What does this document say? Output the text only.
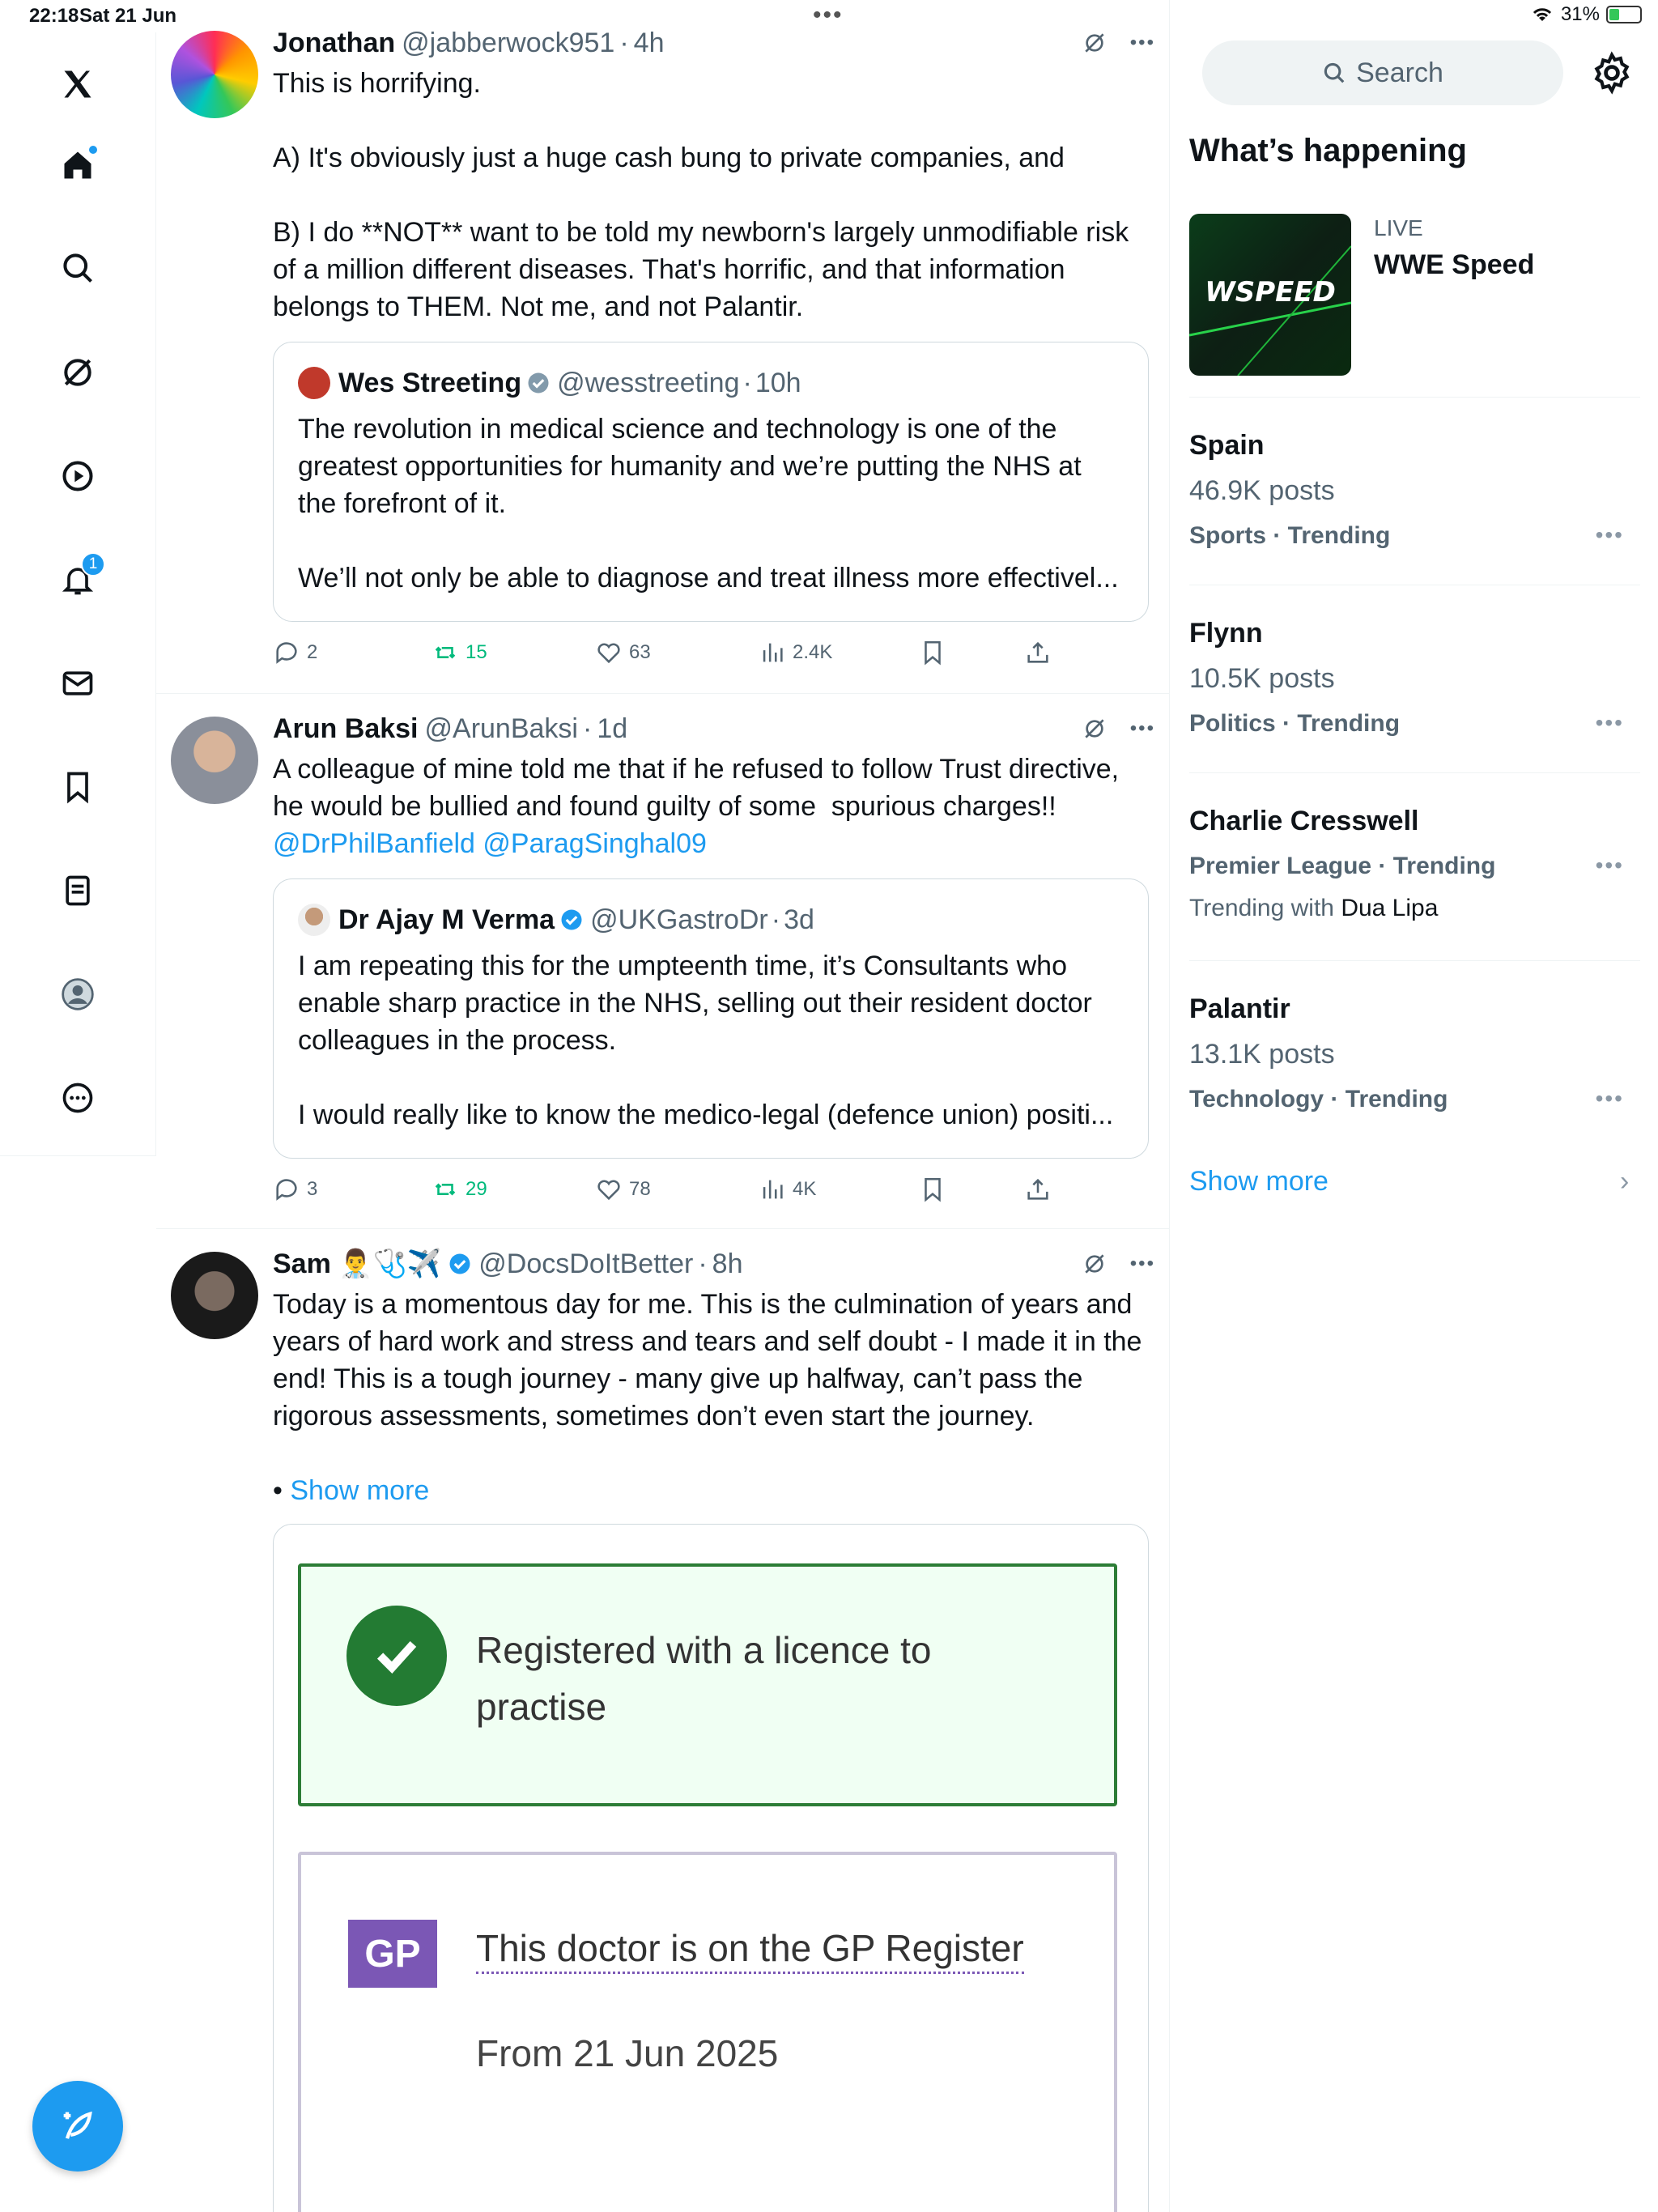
22:18 Sat 21 Jun	•••	31%
1
Jonathan @jabberwock951 · 4h	•••
This is horrifying.

A) It's obviously just a huge cash bung to private companies, and

B) I do **NOT** want to be told my newborn's largely unmodifiable risk of a million different diseases. That's horrific, and that information belongs to THEM. Not me, and not Palantir.
Wes Streeting @wesstreeting · 10h
The revolution in medical science and technology is one of the greatest opportunities for humanity and we’re putting the NHS at the forefront of it.

We’ll not only be able to diagnose and treat illness more effectivel...
2	15	63	2.4K
Arun Baksi @ArunBaksi · 1d	•••
A colleague of mine told me that if he refused to follow Trust directive, he would be bullied and found guilty of some  spurious charges!!
@DrPhilBanfield @ParagSinghal09
Dr Ajay M Verma @UKGastroDr · 3d
I am repeating this for the umpteenth time, it’s Consultants who enable sharp practice in the NHS, selling out their resident doctor colleagues in the process.

I would really like to know the medico-legal (defence union) positi...
3	29	78	4K
Sam 👨‍⚕️🩺✈️ @DocsDoItBetter · 8h	•••
Today is a momentous day for me. This is the culmination of years and years of hard work and stress and tears and self doubt - I made it in the end! This is a tough journey - many give up halfway, can’t pass the rigorous assessments, sometimes don’t even start the journey.
• Show more
Registered with a licence to practise
GP	This doctor is on the GP Register
From 21 Jun 2025
Search
What’s happening
WSPEED
LIVE
WWE Speed
Spain
46.9K posts
Sports · Trending	•••
Flynn
10.5K posts
Politics · Trending	•••
Charlie Cresswell
Premier League · Trending	•••
Trending with Dua Lipa
Palantir
13.1K posts
Technology · Trending	•••
Show more	›
